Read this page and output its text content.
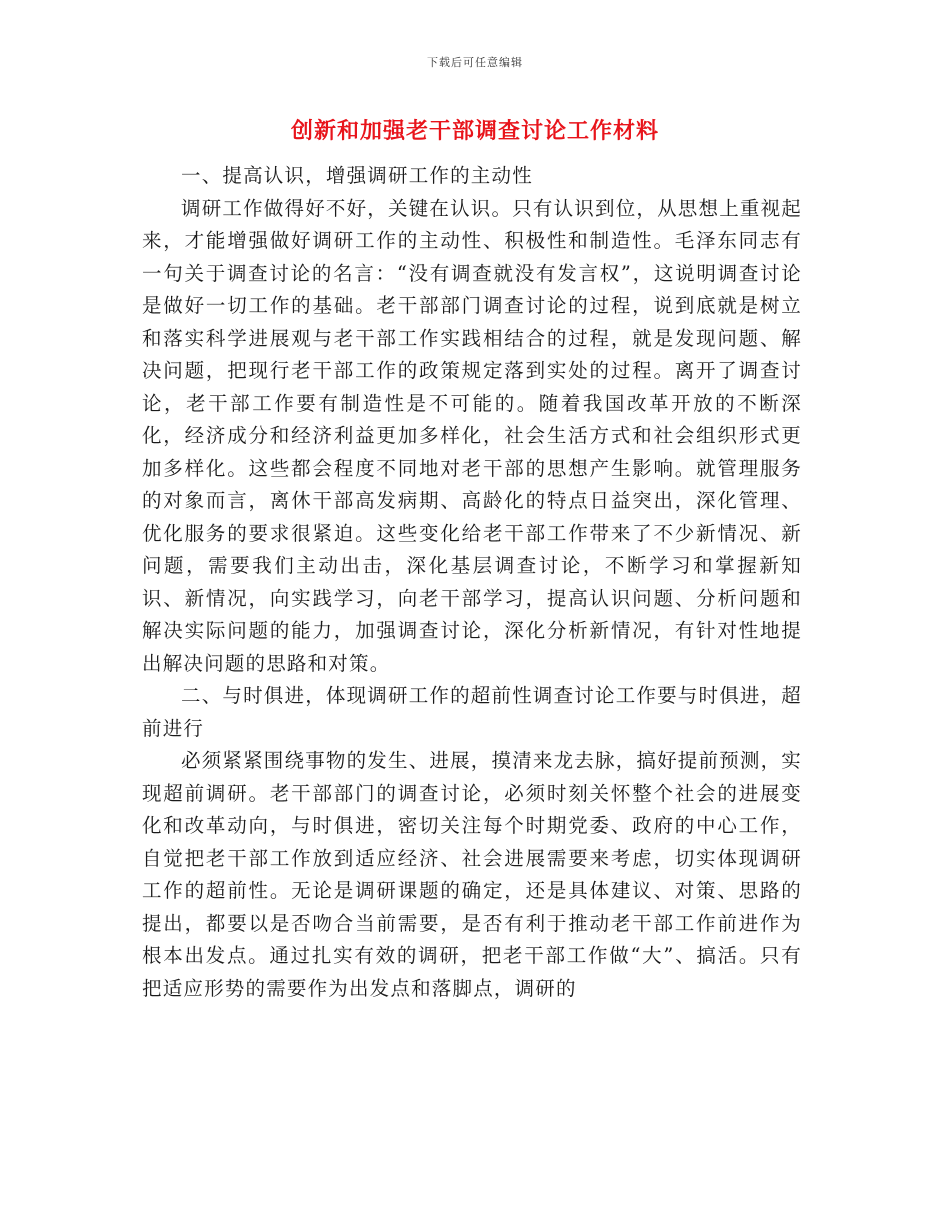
下载后可任意编辑
创新和加强老干部调查讨论工作材料

一、提高认识，增强调研工作的主动性

调研工作做得好不好，关键在认识。只有认识到位，从思想上重视起来，才能增强做好调研工作的主动性、积极性和制造性。毛泽东同志有一句关于调查讨论的名言：“没有调查就没有发言权”，这说明调查讨论是做好一切工作的基础。老干部部门调查讨论的过程，说到底就是树立和落实科学进展观与老干部工作实践相结合的过程，就是发现问题、解决问题，把现行老干部工作的政策规定落到实处的过程。离开了调查讨论，老干部工作要有制造性是不可能的。随着我国改革开放的不断深化，经济成分和经济利益更加多样化，社会生活方式和社会组织形式更加多样化。这些都会程度不同地对老干部的思想产生影响。就管理服务的对象而言，离休干部高发病期、高龄化的特点日益突出，深化管理、优化服务的要求很紧迫。这些变化给老干部工作带来了不少新情况、新问题，需要我们主动出击，深化基层调查讨论，不断学习和掌握新知识、新情况，向实践学习，向老干部学习，提高认识问题、分析问题和解决实际问题的能力，加强调查讨论，深化分析新情况，有针对性地提出解决问题的思路和对策。

二、与时俱进，体现调研工作的超前性调查讨论工作要与时俱进，超前进行

必须紧紧围绕事物的发生、进展，摸清来龙去脉，搞好提前预测，实现超前调研。老干部部门的调查讨论，必须时刻关怀整个社会的进展变化和改革动向，与时俱进，密切关注每个时期党委、政府的中心工作，自觉把老干部工作放到适应经济、社会进展需要来考虑，切实体现调研工作的超前性。无论是调研课题的确定，还是具体建议、对策、思路的提出，都要以是否吻合当前需要，是否有利于推动老干部工作前进作为根本出发点。通过扎实有效的调研，把老干部工作做“大”、搞活。只有把适应形势的需要作为出发点和落脚点，调研的
